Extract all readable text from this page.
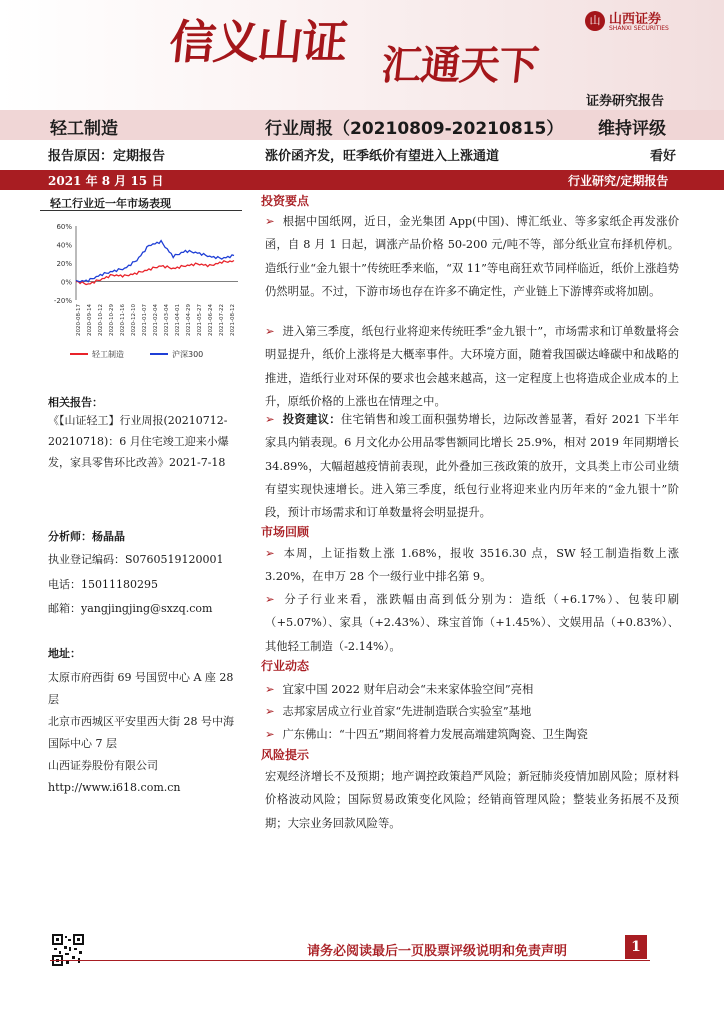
信义山证 汇通天下
山 山西证券
SHANXI SECURITIES
证券研究报告
轻工制造	行业周报（20210809-20210815） 维持评级
报告原因：定期报告	涨价函齐发，旺季纸价有望进入上涨通道	看好
2021 年 8 月 15 日	行业研究/定期报告
轻工行业近一年市场表现
60%
40%
20%
0%
-20%
2020-08-17 2020-09-14 2020-10-12 2020-10-29 2020-11-16 2020-12-10 2021-01-07 2021-02-04 2021-03-04 2021-04-01 2021-04-29 2021-05-27 2021-06-24 2021-07-22 2021-08-12
轻工制造	沪深300
相关报告：
《【山证轻工】行业周报(20210712-20210718)：6 月住宅竣工迎来小爆发，家具零售环比改善》2021-7-18
分析师：杨晶晶
执业登记编码：S0760519120001
电话：15011180295
邮箱：yangjingjing@sxzq.com
地址：
太原市府西街 69 号国贸中心 A 座 28 层
北京市西城区平安里西大街 28 号中海国际中心 7 层
山西证券股份有限公司
http://www.i618.com.cn
投资要点
➢ 根据中国纸网，近日，金光集团 App(中国)、博汇纸业、等多家纸企再发涨价函，自 8 月 1 日起，调涨产品价格 50-200 元/吨不等，部分纸业宣布择机停机。造纸行业“金九银十”传统旺季来临，“双 11”等电商狂欢节同样临近，纸价上涨趋势仍然明显。不过，下游市场也存在许多不确定性，产业链上下游博弈或将加剧。
➢ 进入第三季度，纸包行业将迎来传统旺季“金九银十”，市场需求和订单数量将会明显提升，纸价上涨将是大概率事件。大环境方面，随着我国碳达峰碳中和战略的推进，造纸行业对环保的要求也会越来越高，这一定程度上也将造成企业成本的上升，原纸价格的上涨也在情理之中。
➢ 投资建议：住宅销售和竣工面积强势增长，边际改善显著，看好 2021 下半年家具内销表现。6 月文化办公用品零售额同比增长 25.9%，相对 2019 年同期增长 34.89%，大幅超越疫情前表现，此外叠加三孩政策的放开，文具类上市公司业绩有望实现快速增长。进入第三季度，纸包行业将迎来业内历年来的“金九银十”阶段，预计市场需求和订单数量将会明显提升。
市场回顾
➢ 本周，上证指数上涨 1.68%，报收 3516.30 点，SW 轻工制造指数上涨 3.20%，在申万 28 个一级行业中排名第 9。
➢ 分子行业来看，涨跌幅由高到低分别为：造纸（+6.17%）、包装印刷（+5.07%）、家具（+2.43%）、珠宝首饰（+1.45%）、文娱用品（+0.83%）、其他轻工制造（-2.14%）。
行业动态
➢ 宜家中国 2022 财年启动会“未来家体验空间”亮相
➢ 志邦家居成立行业首家“先进制造联合实验室”基地
➢ 广东佛山：“十四五”期间将着力发展高端建筑陶瓷、卫生陶瓷
风险提示
宏观经济增长不及预期；地产调控政策趋严风险；新冠肺炎疫情加剧风险；原材料价格波动风险；国际贸易政策变化风险；经销商管理风险；整装业务拓展不及预期；大宗业务回款风险等。
请务必阅读最后一页股票评级说明和免责声明	1
